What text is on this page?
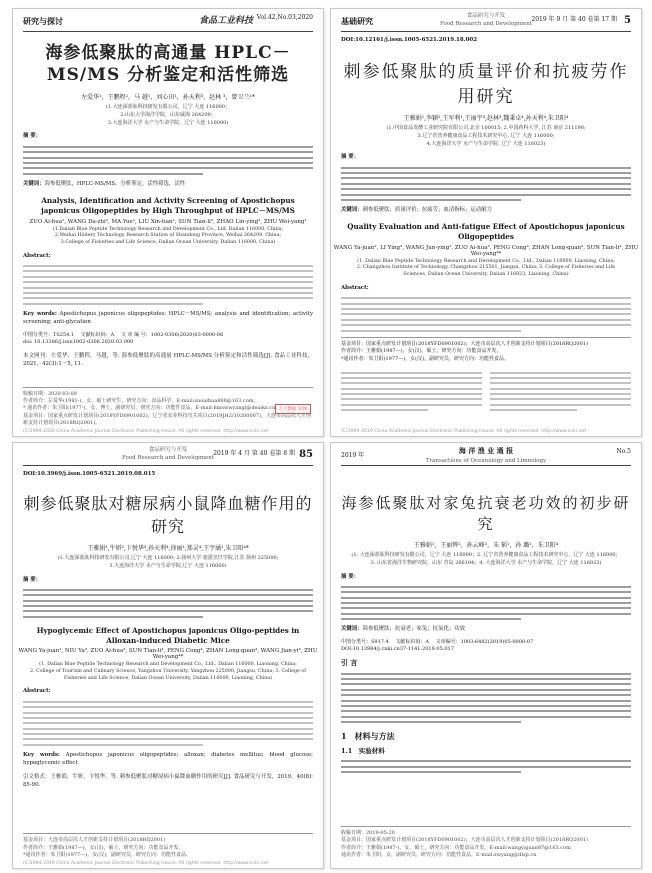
研究与探讨	食品工业科技 Vol.42,No.03,2020
海参低聚肽的高通量 HPLC－MS/MS 分析鉴定和活性筛选
左爱华¹，王鹏程²，马 越¹，刘心田¹，孙天利³，赵林 ³，曾卫兰¹*
(1.大连深蓝肽科技研发有限公司，辽宁 大连 116000；
2.山东大学海洋学院，山东威海 264209；
3.大连海洋大学 水产与生命学院，辽宁 大连 116000)
摘 要：
关键词：海参低聚肽，HPLC-MS/MS，分析鉴定，活性筛选，活性
Analysis, Identification and Activity Screening of Apostichopus japonicus Oligopeptides by High Throughput of HPLC－MS/MS
ZUO Ai-hua¹, WANG Da-zhi², MA Yue¹, LIU Xin-tian¹, SUN Tian-li³, ZHAO Lin-ying³, ZHU Wei-yang¹
(1.Dalian Blue Peptide Technology Research and Development Co., Ltd, Dalian 116000, China;
2.Weihai Hiidery Technology Research Station of Shandong Province, Weihai 264209, China;
3.College of Fisheries and Life Science, Dalian Ocean University, Dalian 116000, China)
Abstract:
Key words: Apostichopus japonicus oligopeptides; HPLC－MS/MS; analysis and identification; activity screening; anti-glycation
中图分类号：TS254.1　 文献标识码：A　 文 章 编 号：1002-0306(2020)03-0000-06
doi: 10.13386/j.issn1002-0306.2020.03.000
本文网刊：左爱华，王鹏程，马越，等. 海参低聚肽的高通量 HPLC-MS/MS 分析鉴定和活性筛选[J]. 食品工业科技，2021，42(3):1－5, 11.
收稿日期：2020-03-09
作者简介：左爱华(1981-)，女，硕士研究生，研究方向：食品科学，E-mail:zuoaihua888@163.com。
* 通讯作者：朱卫阳(1977-)，女，博士，副研究员，研究方向：功能性食品，E-mail:hmswwyangl@deaiks.cn。
基金项目：国家重点研发计划项目(2018YFD0901002)，辽宁省农业科技攻关项目(2019JH2/10200007)，大连市高层次人才创新支持计划项目(2018RQ2001)。
万方数据 知网
(C)1994-2020 China Academic Journal Electronic Publishing House. All rights reserved. http://www.cnki.net
基础研究	食品研究与开发
Food Research and Development
2019 年 9 月 第 40 卷第 17 期 5
DOI:10.12161/j.issn.1005-6521.2019.18.002
刺参低聚肽的质量评价和抗疲劳作用研究
王雅娟¹,李颖²,王军利¹,王丽宇³,赵林³,魏秉卓⁴,孙天利⁴,朱卫阳⁴
(1.中国食品发酵工业研究院有限公司,北京 100015; 2.中国药科大学, 江苏 南京 211198;
3.辽宁省营养健康食品工程技术研究中心, 辽宁 大连 116000;
4.大连海洋大学 水产与生命学院, 辽宁 大连 116023)
摘 要：
关键词：刺参低聚肽；质量评价；抗疲劳；血清指标；运动耐力
Quality Evaluation and Anti-fatigue Effect of Apostichopus japonicus Oligopeptides
WANG Ya-juan¹, LI Ying², WANG Jun-ying¹, ZUO Ai-hua³, PENG Cong³, ZHAN Long-quan³, SUN Tian-li⁴, ZHU Wei-yang⁴*
(1. Dalian Blue Peptide Technology Research and Development Co., Ltd., Dalian 116000, Liaoning, China;
2. Changzhou Institute of Technology, Changzhou 215501, Jiangsu, China; 3. College of Fisheries and Life Sciences, Dalian Ocean University, Dalian 116023, Liaoning, China)
Abstract:
基金项目：国家重点研发计划项目(2018YFD0901002)；大连市高层次人才创新支持计划项目(2018RQ2001)
作者简介：王雅娟(1987—)，女(汉)，硕士，研究方向：功能食品开发。
*通讯作者：朱卫阳(1977—)，女(汉)，副研究员，研究方向：功能性食品。
(C)1994-2019 China Academic Journal Electronic Publishing House. All rights reserved. http://www.cnki.net
食品研究与开发
Food Research and Development
2019 年 4 月 第 40 卷第 8 期 85
DOI:10.3969/j.issn.1005-6521.2019.08.015
刺参低聚肽对糖尿病小鼠降血糖作用的研究
王雅娟¹,牛妍²,卞悦华³,孙天利⁴,徐丽¹,郑灵⁴,王宇涵¹,朱卫阳⁴*
(1.大连深蓝肽科技研发有限公司,辽宁 大连 116000; 2.扬州大学 旅游烹饪学院,江苏 扬州 225000;
3.大连海洋大学 水产与生命学院,辽宁 大连 116000)
摘 要：
Hypoglycemic Effect of Apostichopus japonicus Oligo-peptides in Alloxan-induced Diabetic Mice
WANG Ya-juan¹, NIU Ya², ZUO Ai-hua³, SUN Tian-li⁴, PENG Cong⁴, ZHAN Long-quan⁴, WANG Jian-yi⁴, ZHU Wei-yang⁴*
(1. Dalian Blue Peptide Technology Research and Development Co., Ltd., Dalian 116000, Liaoning, China;
2. College of Tourism and Culinary Science, Yangzhou University, Yangzhou 225000, Jiangsu, China; 3. College of Fisheries and Life Science, Dalian Ocean University, Dalian 116000, Liaoning, China)
Abstract:
Key words: Apostichopus japonicus oligopeptides; alloxan; diabetes mellitus; blood glucose; hypoglycemic effect
引文格式：王雅娟，牛妍，卞悦华，等. 刺参低聚肽对糖尿病小鼠降血糖作用的研究[J]. 食品研究与开发，2019，40(8): 85-90.
基金项目：大连市高层次人才创新支持计划项目(2018RQ2001)
作者简介：王雅娟(1987—)，女(汉)，硕士，研究方向：功能食品开发。
*通讯作者：朱卫阳(1977—)，女(汉)，副研究员，研究方向：功能性食品。
(C)1994-2019 China Academic Journal Electronic Publishing House. All rights reserved. http://www.cnki.net
2019 年
海 洋 渔 业 通 报
Transactions of Oceanology and Limnology
No.5
海参低聚肽对家兔抗衰老功效的初步研究
王雅娟¹，王丽辉²，孙云峰³，朱 韬¹，孙 璐¹，朱卫阳⁴
(1. 大连深蓝肽科技研发有限公司，辽宁 大连 116000；2. 辽宁省营养健康食品工程技术研究中心，辽宁 大连 116000；
3. 山东省海洋生物研究院，山东 青岛 266104；4. 大连海洋大学 水产与生命学院，辽宁 大连 116023)
摘 要：
关键词：海参低聚肽；抗衰老；家兔；抗氧化；功效
中图分类号：S917.4　 文献标识码：A　 文章编号：1003-6482(2019)05-0000-07
DOI:10.13984/j.cnki.cn37-1141.2019.05.017
引 言
1　材料与方法
1.1　实验材料
收稿日期：2019-05-20
基金项目：国家重点研发计划项目(2018YFD0901002)；大连市高层次人才创新支持计划项目(2018RQ2001)
作者简介：王雅娟(1987-)，女，硕士，研究方向：功能食品开发。E-mail:wangyajuan87@163.com
通讯作者：朱卫阳，女，副研究员，研究方向：功能性食品。E-mail:zwyang@dlsp.cn
